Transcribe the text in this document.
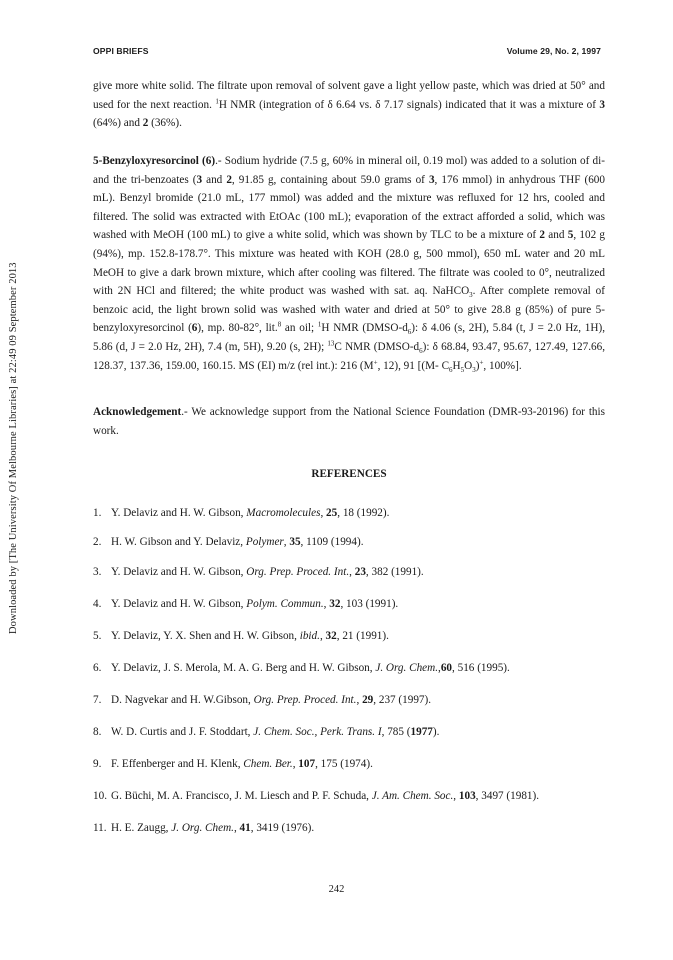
OPPI BRIEFS	Volume 29, No. 2, 1997
Downloaded by [The University Of Melbourne Libraries] at 22:49 09 September 2013

give more white solid. The filtrate upon removal of solvent gave a light yellow paste, which was dried at 50° and used for the next reaction. $^1$H NMR (integration of δ 6.64 vs. δ 7.17 signals) indicated that it was a mixture of 3 (64%) and 2 (36%).

5-Benzyloxyresorcinol (6).- Sodium hydride (7.5 g, 60% in mineral oil, 0.19 mol) was added to a solution of di- and the tri-benzoates (3 and 2, 91.85 g, containing about 59.0 grams of 3, 176 mmol) in anhydrous THF (600 mL). Benzyl bromide (21.0 mL, 177 mmol) was added and the mixture was refluxed for 12 hrs, cooled and filtered. The solid was extracted with EtOAc (100 mL); evaporation of the extract afforded a solid, which was washed with MeOH (100 mL) to give a white solid, which was shown by TLC to be a mixture of 2 and 5, 102 g (94%), mp. 152.8-178.7°. This mixture was heated with KOH (28.0 g, 500 mmol), 650 mL water and 20 mL MeOH to give a dark brown mixture, which after cooling was filtered. The filtrate was cooled to 0°, neutralized with 2N HCl and filtered; the white product was washed with sat. aq. NaHCO$_3$. After complete removal of benzoic acid, the light brown solid was washed with water and dried at 50° to give 28.8 g (85%) of pure 5-benzyloxyresorcinol (6), mp. 80-82°, lit.$^8$ an oil; $^1$H NMR $(DMSO-d_6)$: δ 4.06 (s, 2H), 5.84 (t, J = 2.0 Hz, 1H), 5.86 (d, J = 2.0 Hz, 2H), 7.4 (m, 5H), 9.20 (s, 2H); $^{13}$C NMR $(DMSO-d_6)$: δ 68.84, 93.47, 95.67, 127.49, 127.66, 128.37, 137.36, 159.00, 160.15. MS (EI) m/z (rel int.): 216 (M+, 12), 91 [(M- $C_6H_5O_3)^+$, 100%].

Acknowledgement.- We acknowledge support from the National Science Foundation (DMR-93-20196) for this work.

REFERENCES
1. Y. Delaviz and H. W. Gibson, Macromolecules, 25, 18 (1992).
2. H. W. Gibson and Y. Delaviz, Polymer, 35, 1109 (1994).
3. Y. Delaviz and H. W. Gibson, Org. Prep. Proced. Int., 23, 382 (1991).
4. Y. Delaviz and H. W. Gibson, Polym. Commun., 32, 103 (1991).
5. Y. Delaviz, Y. X. Shen and H. W. Gibson, ibid., 32, 21 (1991).
6. Y. Delaviz, J. S. Merola, M. A. G. Berg and H. W. Gibson, J. Org. Chem.,60, 516 (1995).
7. D. Nagvekar and H. W.Gibson, Org. Prep. Proced. Int., 29, 237 (1997).
8. W. D. Curtis and J. F. Stoddart, J. Chem. Soc., Perk. Trans. I, 785 (1977).
9. F. Effenberger and H. Klenk, Chem. Ber., 107, 175 (1974).
10. G. Büchi, M. A. Francisco, J. M. Liesch and P. F. Schuda, J. Am. Chem. Soc., 103, 3497 (1981).
11. H. E. Zaugg, J. Org. Chem., 41, 3419 (1976).
242
